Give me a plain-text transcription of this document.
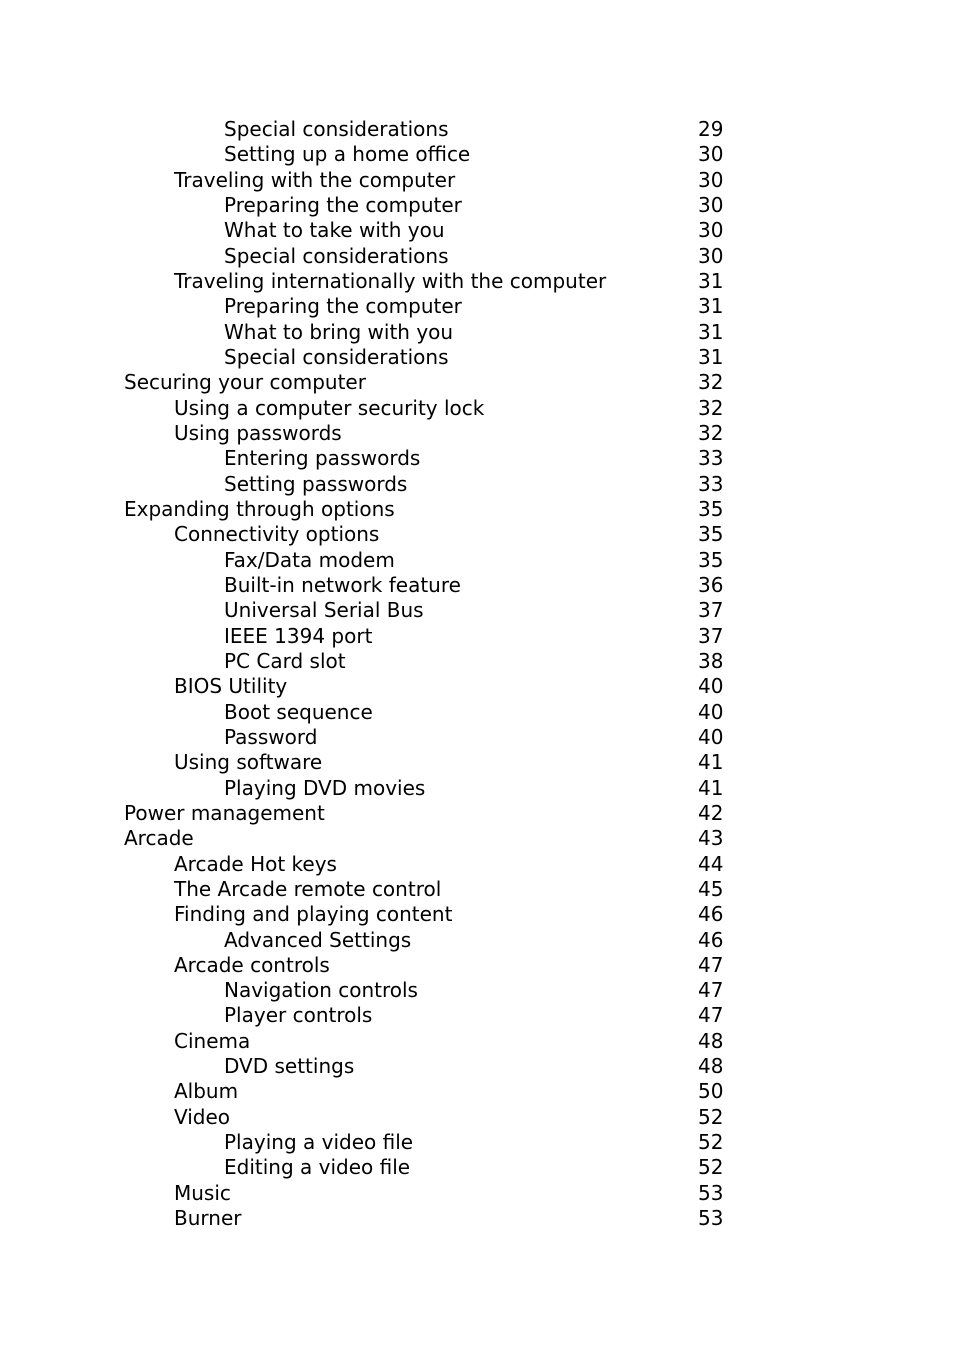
Special considerations	29
Setting up a home office	30
Traveling with the computer	30
Preparing the computer	30
What to take with you	30
Special considerations	30
Traveling internationally with the computer	31
Preparing the computer	31
What to bring with you	31
Special considerations	31
Securing your computer	32
Using a computer security lock	32
Using passwords	32
Entering passwords	33
Setting passwords	33
Expanding through options	35
Connectivity options	35
Fax/Data modem	35
Built-in network feature	36
Universal Serial Bus	37
IEEE 1394 port	37
PC Card slot	38
BIOS Utility	40
Boot sequence	40
Password	40
Using software	41
Playing DVD movies	41
Power management	42
Arcade	43
Arcade Hot keys	44
The Arcade remote control	45
Finding and playing content	46
Advanced Settings	46
Arcade controls	47
Navigation controls	47
Player controls	47
Cinema	48
DVD settings	48
Album	50
Video	52
Playing a video file	52
Editing a video file	52
Music	53
Burner	53
